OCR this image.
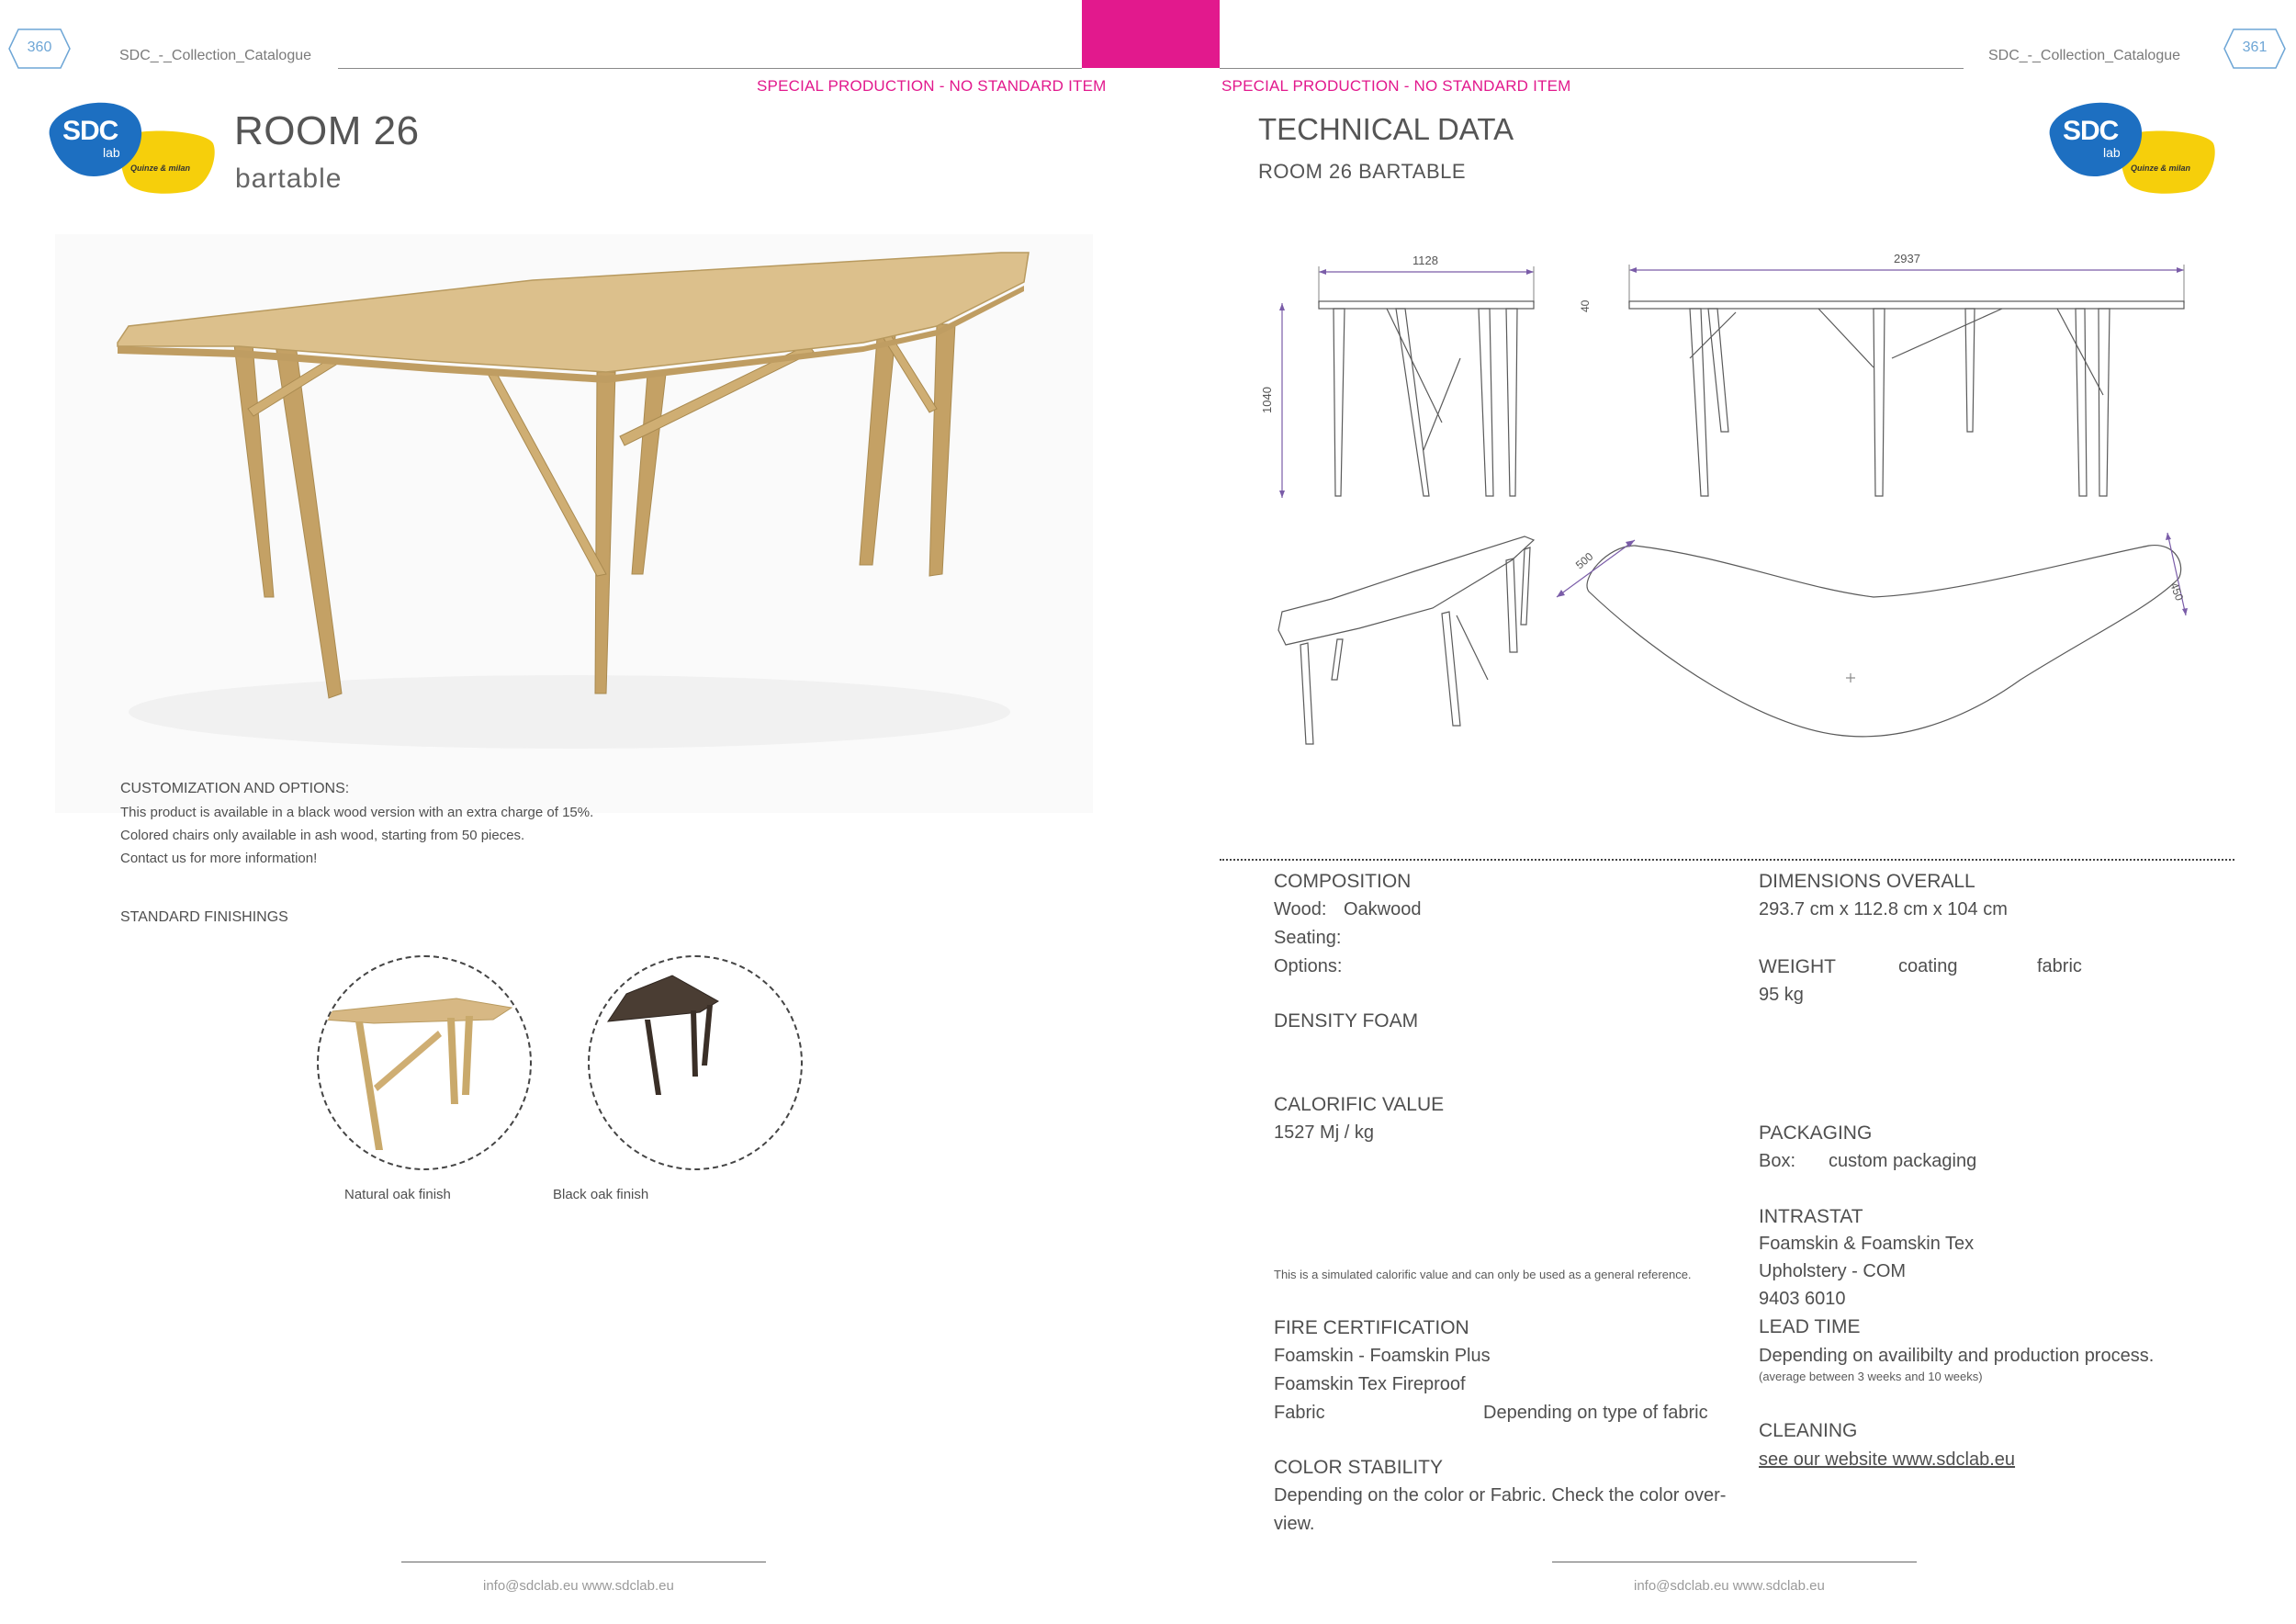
360
SDC_-_Collection_Catalogue	SDC_-_Collection_Catalogue
361
SPECIAL PRODUCTION - NO STANDARD ITEM	SPECIAL PRODUCTION - NO STANDARD ITEM
SDC
lab
Quinze & milan
SDC
lab
Quinze & milan
ROOM 26
bartable
CUSTOMIZATION AND OPTIONS:
This product is available in a black wood version with an extra charge of 15%.
Colored chairs only available in ash wood, starting from 50 pieces.
Contact us for more information!
STANDARD FINISHINGS
Natural oak finish	Black oak finish
TECHNICAL DATA
ROOM 26 BARTABLE
1128
1040
40
2937
500
450
COMPOSITION
Wood: Oakwood
Seating:
Options:
DENSITY FOAM
CALORIFIC VALUE
1527 Mj / kg
This is a simulated calorific value and can only be used as a general reference.
FIRE CERTIFICATION
Foamskin - Foamskin Plus
Foamskin Tex Fireproof
Fabric	Depending on type of fabric
COLOR STABILITY
Depending on the color or Fabric. Check the color over-
view.
DIMENSIONS OVERALL
293.7 cm x 112.8 cm x 104 cm
WEIGHT	coating	fabric
95 kg
PACKAGING
Box: custom packaging
INTRASTAT
Foamskin & Foamskin Tex
Upholstery - COM
9403 6010
LEAD TIME
Depending on availibilty and production process.
(average between 3 weeks and 10 weeks)
CLEANING
see our website www.sdclab.eu
info@sdclab.eu www.sdclab.eu	info@sdclab.eu www.sdclab.eu
